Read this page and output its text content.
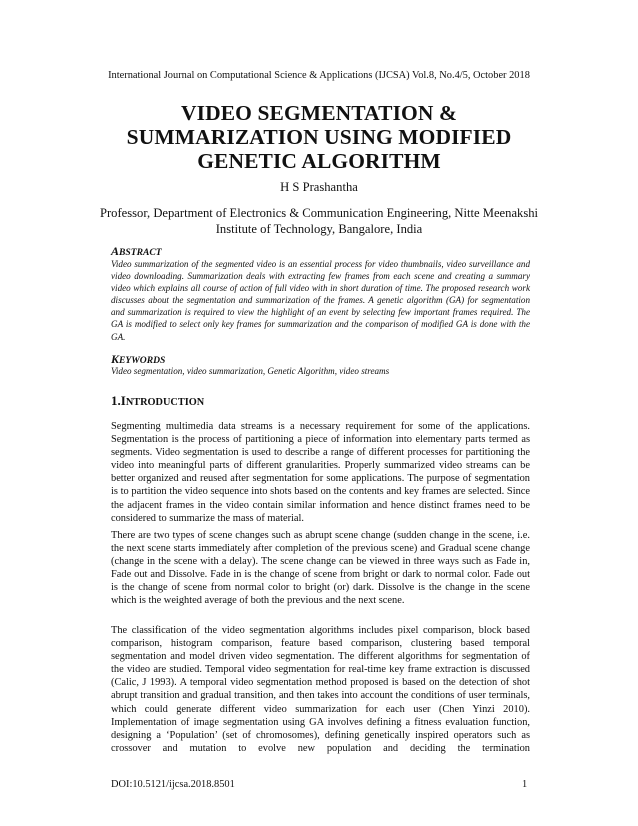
International Journal on Computational Science & Applications (IJCSA) Vol.8, No.4/5, October 2018
VIDEO SEGMENTATION &
SUMMARIZATION USING MODIFIED
GENETIC ALGORITHM
H S Prashantha
Professor, Department of Electronics & Communication Engineering, Nitte Meenakshi
Institute of Technology, Bangalore, India
ABSTRACT
Video summarization of the segmented video is an essential process for video thumbnails, video surveillance and video downloading. Summarization deals with extracting few frames from each scene and creating a summary video which explains all course of action of full video with in short duration of time. The proposed research work discusses about the segmentation and summarization of the frames. A genetic algorithm (GA) for segmentation and summarization is required to view the highlight of an event by selecting few important frames required. The GA is modified to select only key frames for summarization and the comparison of modified GA is done with the GA.
KEYWORDS
Video segmentation, video summarization, Genetic Algorithm, video streams
1.INTRODUCTION
Segmenting multimedia data streams is a necessary requirement for some of the applications. Segmentation is the process of partitioning a piece of information into elementary parts termed as segments. Video segmentation is used to describe a range of different processes for partitioning the video into meaningful parts of different granularities. Properly summarized video streams can be better organized and reused after segmentation for some applications. The purpose of segmentation is to partition the video sequence into shots based on the contents and key frames are selected. Since the adjacent frames in the video contain similar information and hence distinct frames need to be considered to summarize the mass of material.
There are two types of scene changes such as abrupt scene change (sudden change in the scene, i.e. the next scene starts immediately after completion of the previous scene) and Gradual scene change (change in the scene with a delay). The scene change can be viewed in three ways such as Fade in, Fade out and Dissolve. Fade in is the change of scene from bright or dark to normal color. Fade out is the change of scene from normal color to bright (or) dark. Dissolve is the change in the scene which is the weighted average of both the previous and the next scene.
The classification of the video segmentation algorithms includes pixel comparison, block based comparison, histogram comparison, feature based comparison, clustering based temporal segmentation and model driven video segmentation. The different algorithms for segmentation of the video are studied. Temporal video segmentation for real-time key frame extraction is discussed (Calic, J 1993). A temporal video segmentation method proposed is based on the detection of shot abrupt transition and gradual transition, and then takes into account the conditions of user terminals, which could generate different video summarization for each user (Chen Yinzi 2010). Implementation of image segmentation using GA involves defining a fitness evaluation function, designing a ‘Population’ (set of chromosomes), defining genetically inspired operators such as crossover and mutation to evolve new population and deciding the termination
DOI:10.5121/ijcsa.2018.8501	1
